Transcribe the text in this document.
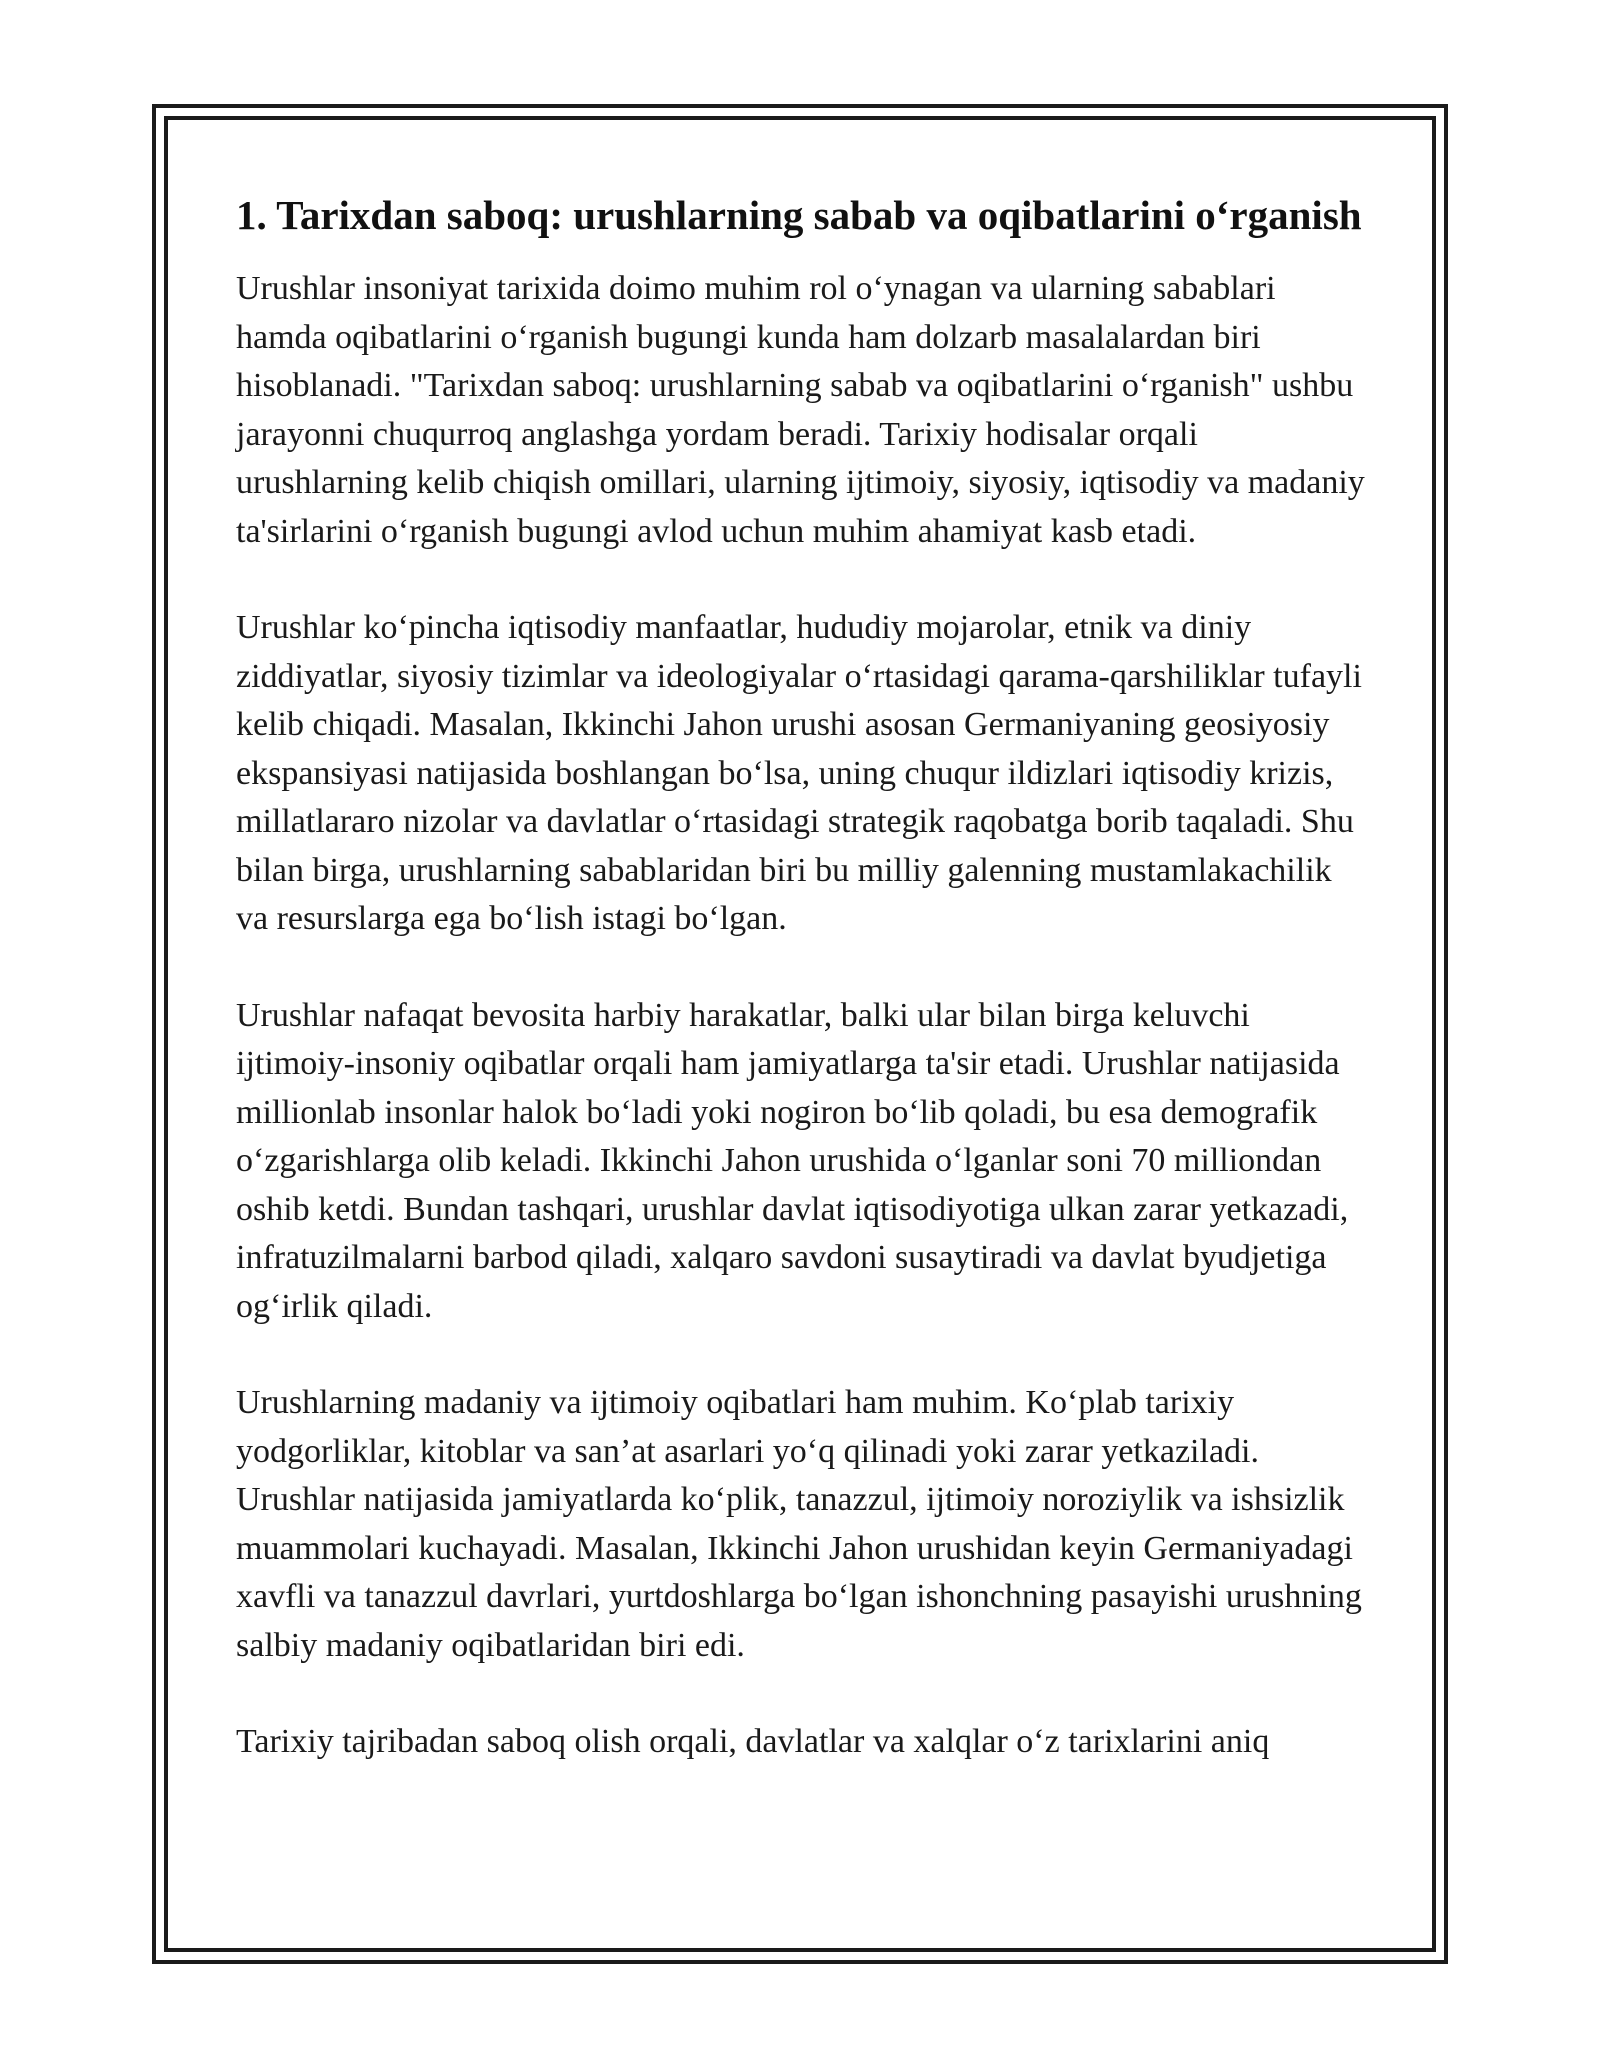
1. Tarixdan saboq: urushlarning sabab va oqibatlarini o‘rganish

Urushlar insoniyat tarixida doimo muhim rol o‘ynagan va ularning sabablari hamda oqibatlarini o‘rganish bugungi kunda ham dolzarb masalalardan biri hisoblanadi. "Tarixdan saboq: urushlarning sabab va oqibatlarini o‘rganish" ushbu jarayonni chuqurroq anglashga yordam beradi. Tarixiy hodisalar orqali urushlarning kelib chiqish omillari, ularning ijtimoiy, siyosiy, iqtisodiy va madaniy ta'sirlarini o‘rganish bugungi avlod uchun muhim ahamiyat kasb etadi.

Urushlar ko‘pincha iqtisodiy manfaatlar, hududiy mojarolar, etnik va diniy ziddiyatlar, siyosiy tizimlar va ideologiyalar o‘rtasidagi qarama-qarshiliklar tufayli kelib chiqadi. Masalan, Ikkinchi Jahon urushi asosan Germaniyaning geosiyosiy ekspansiyasi natijasida boshlangan bo‘lsa, uning chuqur ildizlari iqtisodiy krizis, millatlararo nizolar va davlatlar o‘rtasidagi strategik raqobatga borib taqaladi. Shu bilan birga, urushlarning sabablaridan biri bu milliy galenning mustamlakachilik va resurslarga ega bo‘lish istagi bo‘lgan.

Urushlar nafaqat bevosita harbiy harakatlar, balki ular bilan birga keluvchi ijtimoiy-insoniy oqibatlar orqali ham jamiyatlarga ta'sir etadi. Urushlar natijasida millionlab insonlar halok bo‘ladi yoki nogiron bo‘lib qoladi, bu esa demografik o‘zgarishlarga olib keladi. Ikkinchi Jahon urushida o‘lganlar soni 70 milliondan oshib ketdi. Bundan tashqari, urushlar davlat iqtisodiyotiga ulkan zarar yetkazadi, infratuzilmalarni barbod qiladi, xalqaro savdoni susaytiradi va davlat byudjetiga og‘irlik qiladi.

Urushlarning madaniy va ijtimoiy oqibatlari ham muhim. Ko‘plab tarixiy yodgorliklar, kitoblar va san’at asarlari yo‘q qilinadi yoki zarar yetkaziladi. Urushlar natijasida jamiyatlarda ko‘plik, tanazzul, ijtimoiy noroziylik va ishsizlik muammolari kuchayadi. Masalan, Ikkinchi Jahon urushidan keyin Germaniyadagi xavfli va tanazzul davrlari, yurtdoshlarga bo‘lgan ishonchning pasayishi urushning salbiy madaniy oqibatlaridan biri edi.

Tarixiy tajribadan saboq olish orqali, davlatlar va xalqlar o‘z tarixlarini aniq
